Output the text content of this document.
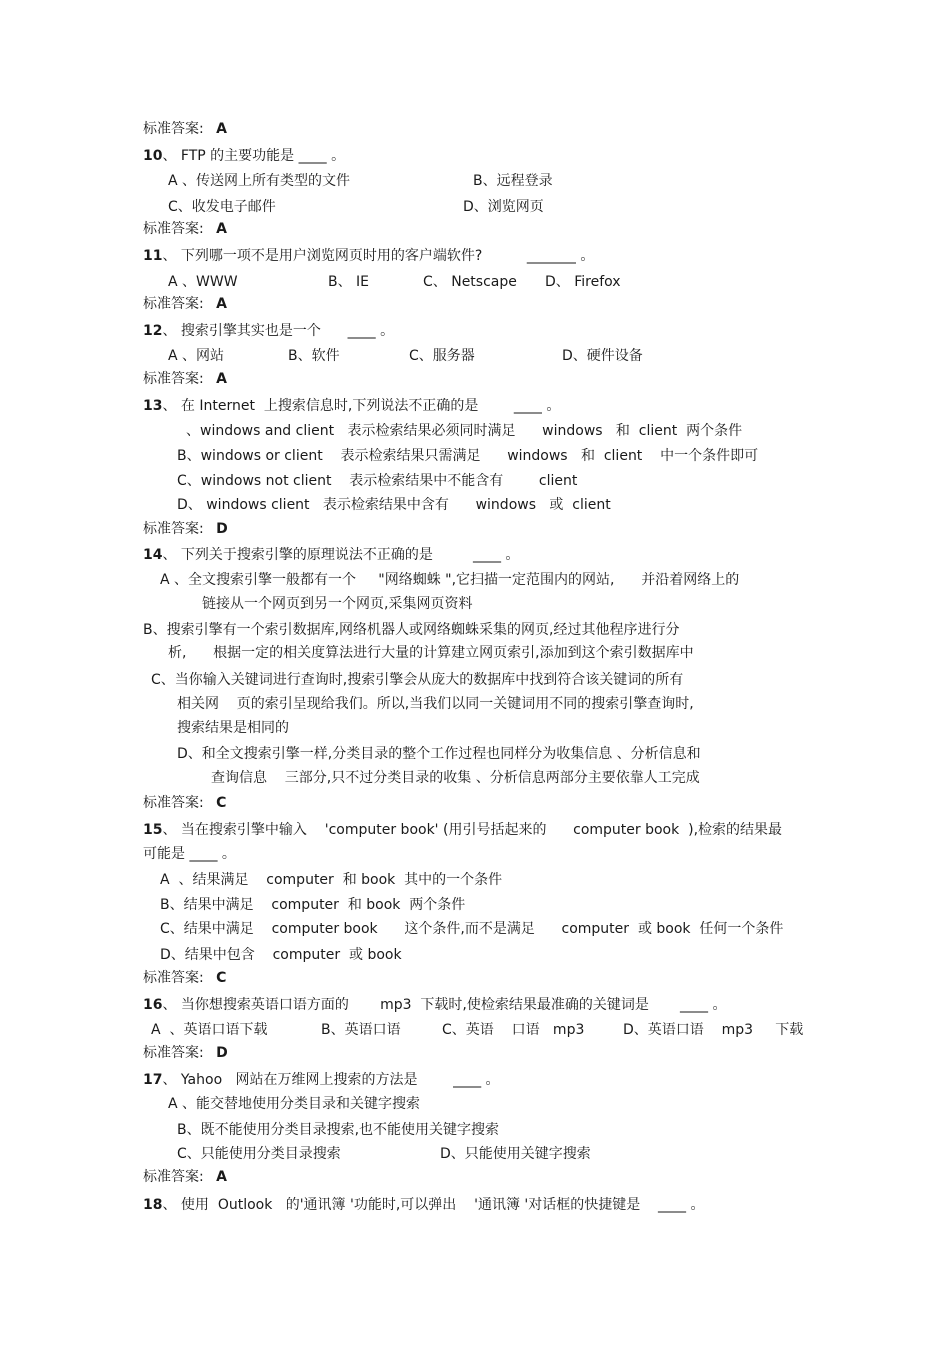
标准答案: A
10、 FTP 的主要功能是 ____ 。
A 、传送网上所有类型的文件	B、远程登录
C、收发电子邮件	D、浏览网页
标准答案: A
11、 下列哪一项不是用户浏览网页时用的客户端软件?          _______ 。
A 、WWW	B、 IE	C、 Netscape D、 Firefox
标准答案: A
12、 搜索引擎其实也是一个      ____ 。
A 、网站	B、软件	C、服务器	D、硬件设备
标准答案: A
13、 在 Internet  上搜索信息时,下列说法不正确的是        ____ 。
、windows and client   表示检索结果必须同时满足      windows   和  client  两个条件
B、windows or client    表示检索结果只需满足      windows   和  client    中一个条件即可
C、windows not client    表示检索结果中不能含有        client
D、 windows client   表示检索结果中含有      windows   或  client
标准答案: D
14、 下列关于搜索引擎的原理说法不正确的是         ____ 。
A 、全文搜索引擎一般都有一个     "网络蜘蛛 ",它扫描一定范围内的网站,      并沿着网络上的
链接从一个网页到另一个网页,采集网页资料
B、搜索引擎有一个索引数据库,网络机器人或网络蜘蛛采集的网页,经过其他程序进行分
析,      根据一定的相关度算法进行大量的计算建立网页索引,添加到这个索引数据库中
C、当你输入关键词进行查询时,搜索引擎会从庞大的数据库中找到符合该关键词的所有
相关网    页的索引呈现给我们。所以,当我们以同一关键词用不同的搜索引擎查询时,
搜索结果是相同的
D、和全文搜索引擎一样,分类目录的整个工作过程也同样分为收集信息 、分析信息和
查询信息    三部分,只不过分类目录的收集 、分析信息两部分主要依靠人工完成
标准答案: C
15、 当在搜索引擎中输入    'computer book' (用引号括起来的      computer book  ),检索的结果最
可能是 ____ 。
A  、结果满足    computer  和 book  其中的一个条件
B、结果中满足    computer  和 book  两个条件
C、结果中满足    computer book      这个条件,而不是满足      computer  或 book  任何一个条件
D、结果中包含    computer  或 book
标准答案: C
16、 当你想搜索英语口语方面的       mp3  下载时,使检索结果最准确的关键词是       ____ 。
A  、英语口语下载	B、英语口语	C、英语    口语   mp3	D、英语口语    mp3     下载
标准答案: D
17、 Yahoo   网站在万维网上搜索的方法是        ____ 。
A 、能交替地使用分类目录和关键字搜索
B、既不能使用分类目录搜索,也不能使用关键字搜索
C、只能使用分类目录搜索	D、只能使用关键字搜索
标准答案: A
18、 使用  Outlook   的'通讯簿 '功能时,可以弹出    '通讯簿 '对话框的快捷键是    ____ 。
